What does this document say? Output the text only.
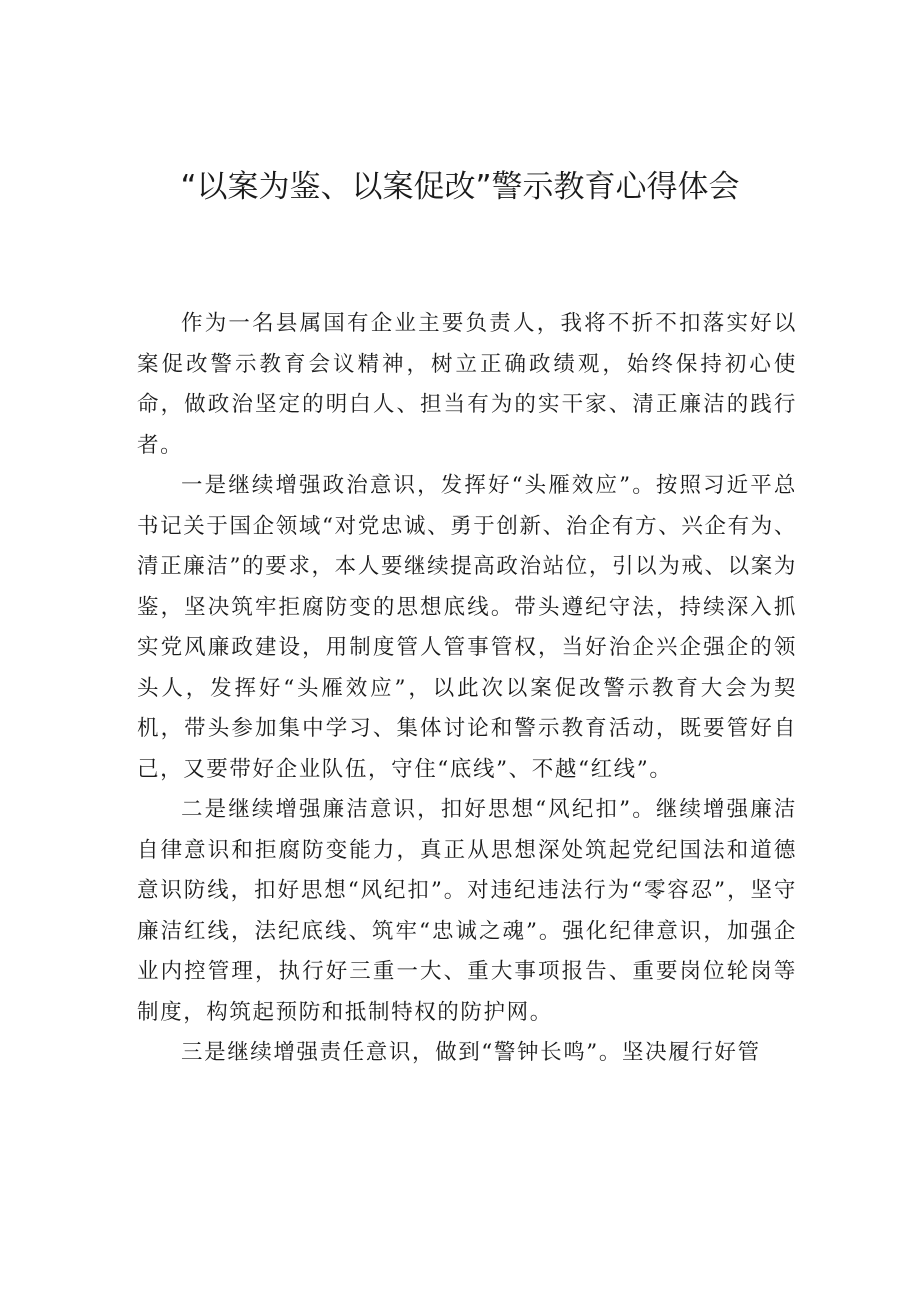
“以案为鉴、以案促改”警示教育心得体会

作为一名县属国有企业主要负责人，我将不折不扣落实好以案促改警示教育会议精神，树立正确政绩观，始终保持初心使命，做政治坚定的明白人、担当有为的实干家、清正廉洁的践行者。

一是继续增强政治意识，发挥好“头雁效应”。按照习近平总书记关于国企领域“对党忠诚、勇于创新、治企有方、兴企有为、清正廉洁”的要求，本人要继续提高政治站位，引以为戒、以案为鉴，坚决筑牢拒腐防变的思想底线。带头遵纪守法，持续深入抓实党风廉政建设，用制度管人管事管权，当好治企兴企强企的领头人，发挥好“头雁效应”，以此次以案促改警示教育大会为契机，带头参加集中学习、集体讨论和警示教育活动，既要管好自己，又要带好企业队伍，守住“底线”、不越“红线”。

二是继续增强廉洁意识，扣好思想“风纪扣”。继续增强廉洁自律意识和拒腐防变能力，真正从思想深处筑起党纪国法和道德意识防线，扣好思想“风纪扣”。对违纪违法行为“零容忍”，坚守廉洁红线，法纪底线、筑牢“忠诚之魂”。强化纪律意识，加强企业内控管理，执行好三重一大、重大事项报告、重要岗位轮岗等制度，构筑起预防和抵制特权的防护网。

三是继续增强责任意识，做到“警钟长鸣”。坚决履行好管
